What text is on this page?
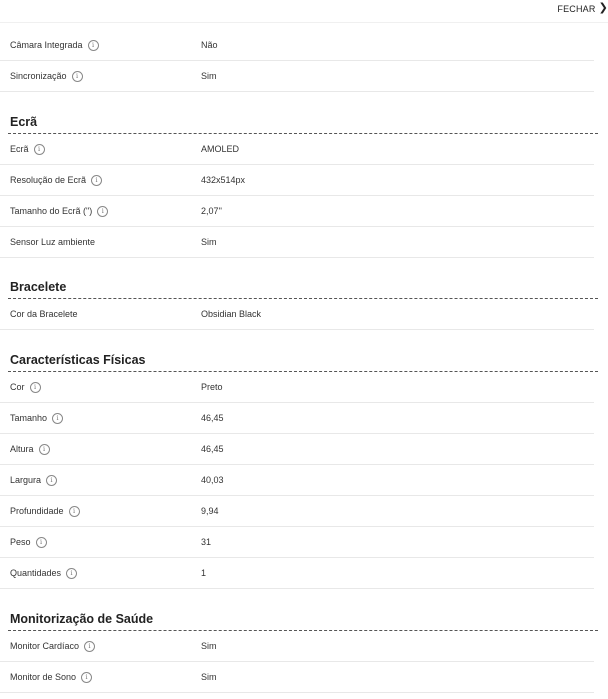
FECHAR ❯
Câmara Integrada	i	Não
Sincronização	i	Sim
Ecrã
Ecrã	i	AMOLED
Resolução de Ecrã	i	432x514px
Tamanho do Ecrã (")	i	2,07''
Sensor Luz ambiente	Sim
Bracelete
Cor da Bracelete	Obsidian Black
Características Físicas
Cor	i	Preto
Tamanho	i	46,45
Altura	i	46,45
Largura	i	40,03
Profundidade	i	9,94
Peso	i	31
Quantidades	i	1
Monitorização de Saúde
Monitor Cardíaco	i	Sim
Monitor de Sono	i	Sim
